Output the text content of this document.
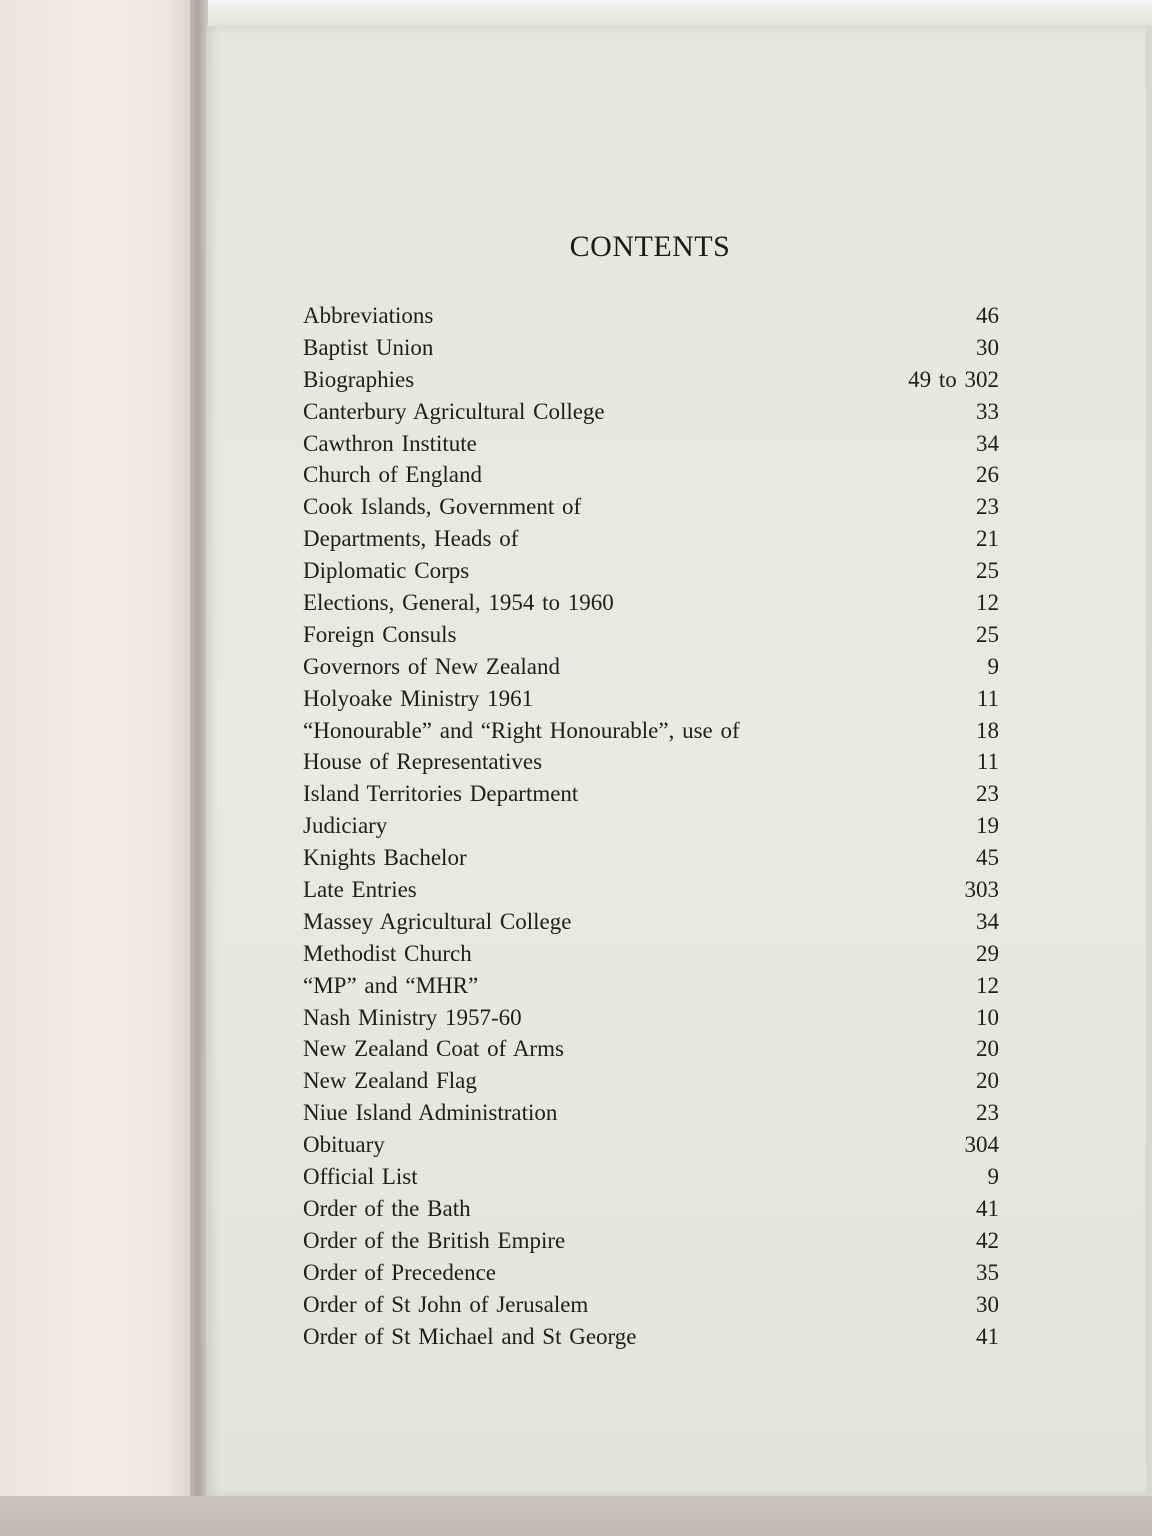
CONTENTS
Abbreviations	46
Baptist Union	30
Biographies	49 to 302
Canterbury Agricultural College	33
Cawthron Institute	34
Church of England	26
Cook Islands, Government of	23
Departments, Heads of	21
Diplomatic Corps	25
Elections, General, 1954 to 1960	12
Foreign Consuls	25
Governors of New Zealand	9
Holyoake Ministry 1961	11
“Honourable” and “Right Honourable”, use of	18
House of Representatives	11
Island Territories Department	23
Judiciary	19
Knights Bachelor	45
Late Entries	303
Massey Agricultural College	34
Methodist Church	29
“MP” and “MHR”	12
Nash Ministry 1957-60	10
New Zealand Coat of Arms	20
New Zealand Flag	20
Niue Island Administration	23
Obituary	304
Official List	9
Order of the Bath	41
Order of the British Empire	42
Order of Precedence	35
Order of St John of Jerusalem	30
Order of St Michael and St George	41
